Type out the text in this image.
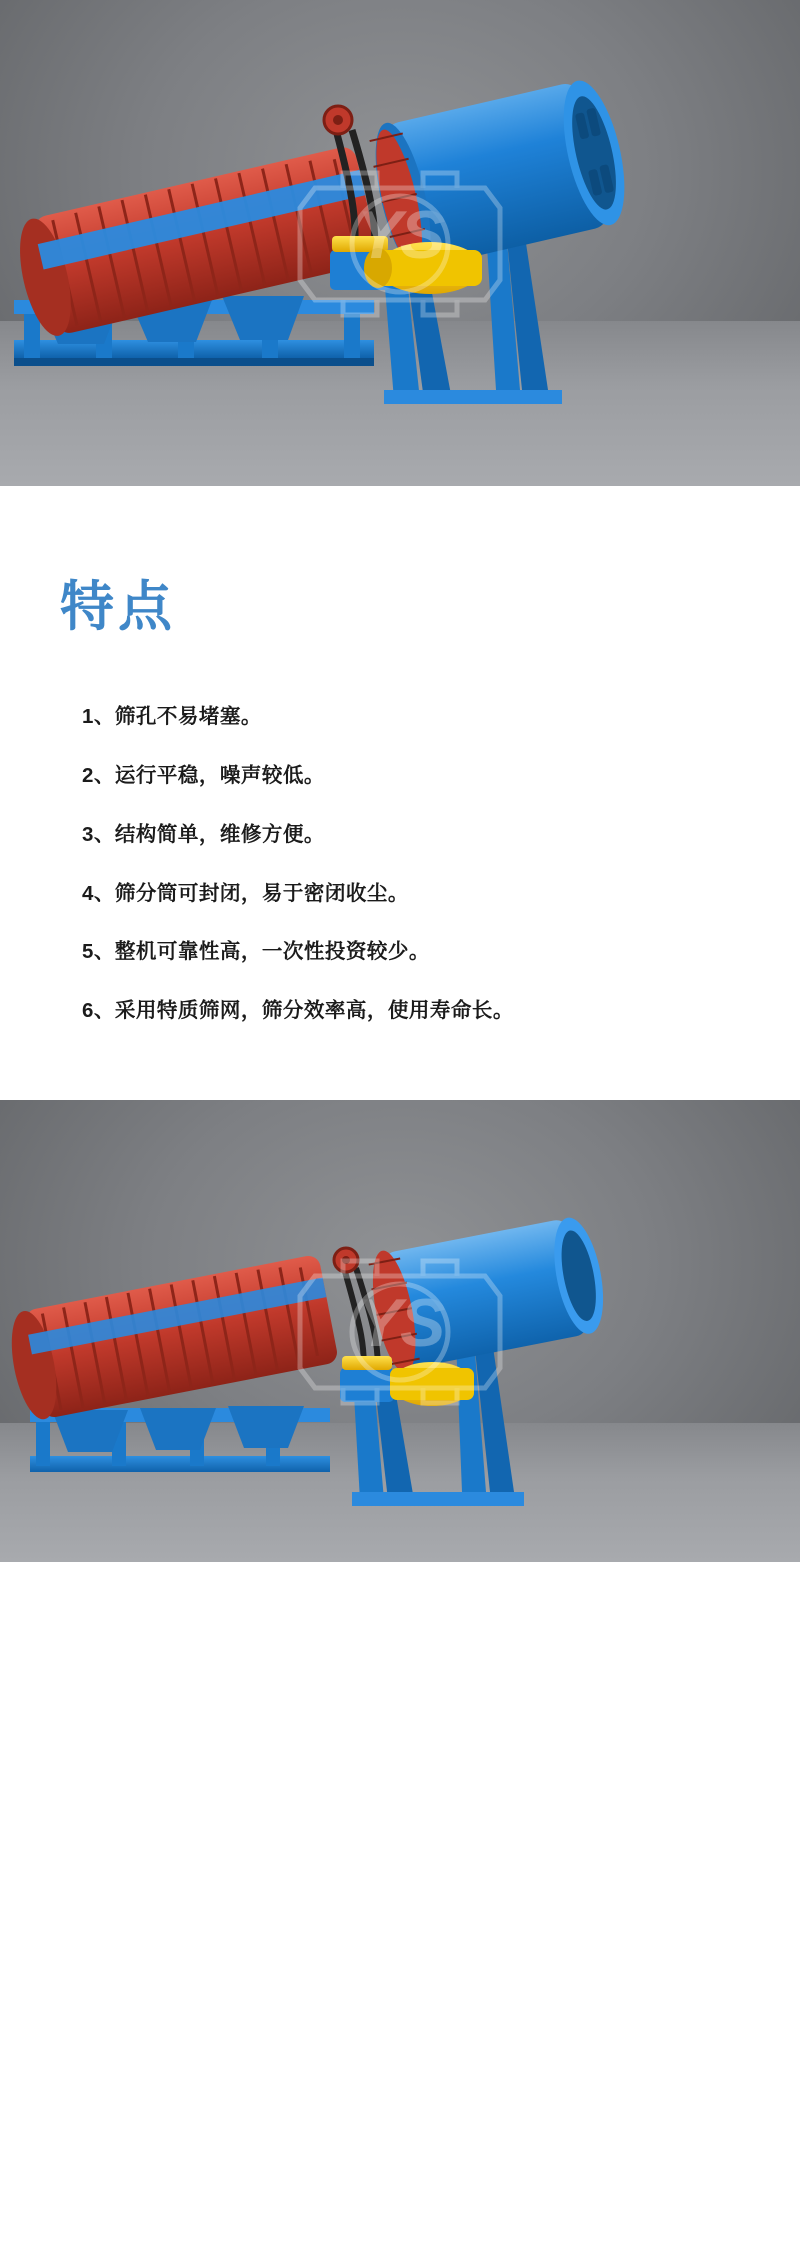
YS
特点
1、筛孔不易堵塞。
2、运行平稳，噪声较低。
3、结构简单，维修方便。
4、筛分筒可封闭，易于密闭收尘。
5、整机可靠性高，一次性投资较少。
6、采用特质筛网，筛分效率高，使用寿命长。
YS
